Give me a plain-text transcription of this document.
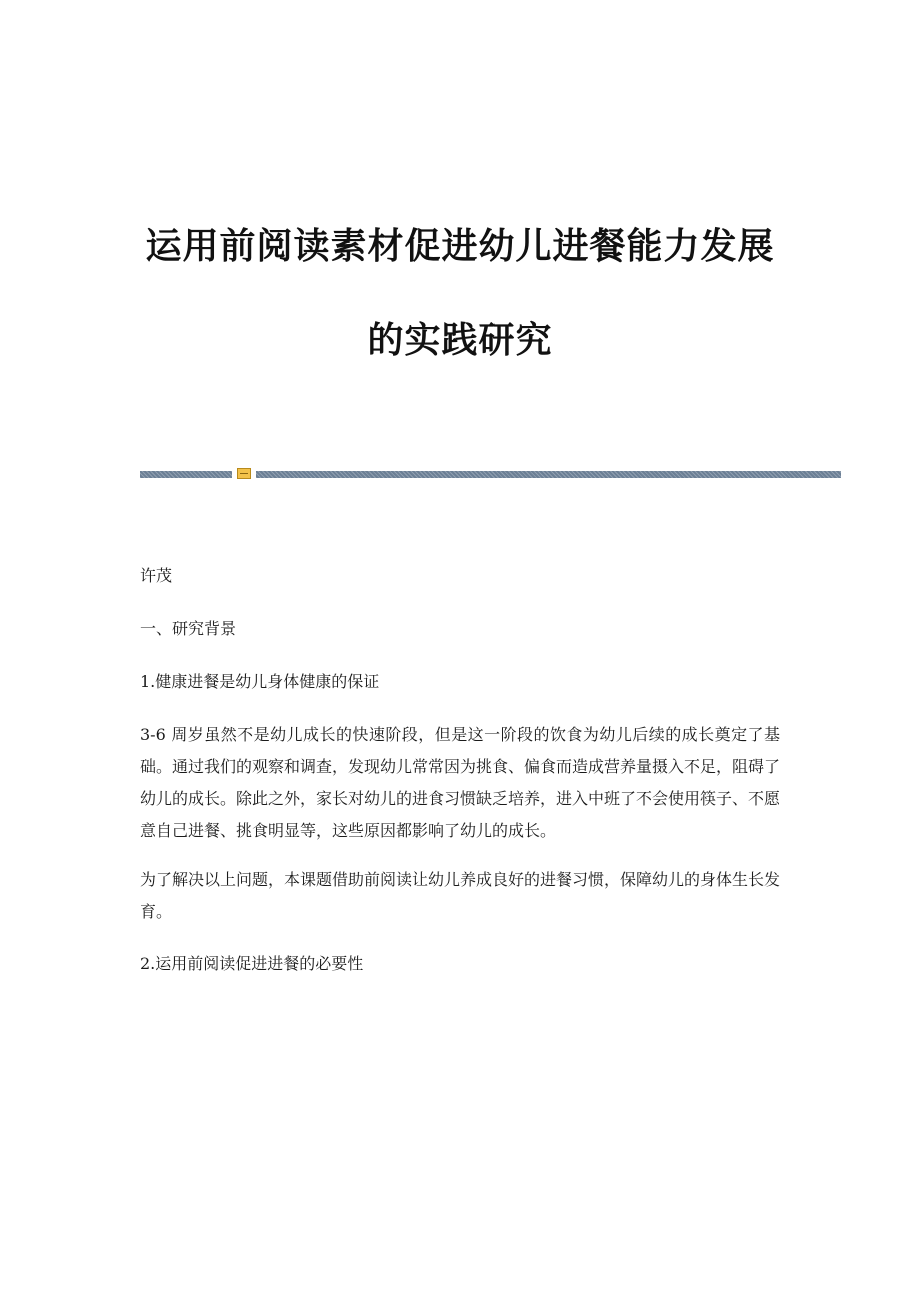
运用前阅读素材促进幼儿进餐能力发展
的实践研究

许茂

一、研究背景

1.健康进餐是幼儿身体健康的保证

3-6 周岁虽然不是幼儿成长的快速阶段，但是这一阶段的饮食为幼儿后续的成长奠定了基础。通过我们的观察和调查，发现幼儿常常因为挑食、偏食而造成营养量摄入不足，阻碍了幼儿的成长。除此之外，家长对幼儿的进食习惯缺乏培养，进入中班了不会使用筷子、不愿意自己进餐、挑食明显等，这些原因都影响了幼儿的成长。

为了解决以上问题，本课题借助前阅读让幼儿养成良好的进餐习惯，保障幼儿的身体生长发育。

2.运用前阅读促进进餐的必要性
